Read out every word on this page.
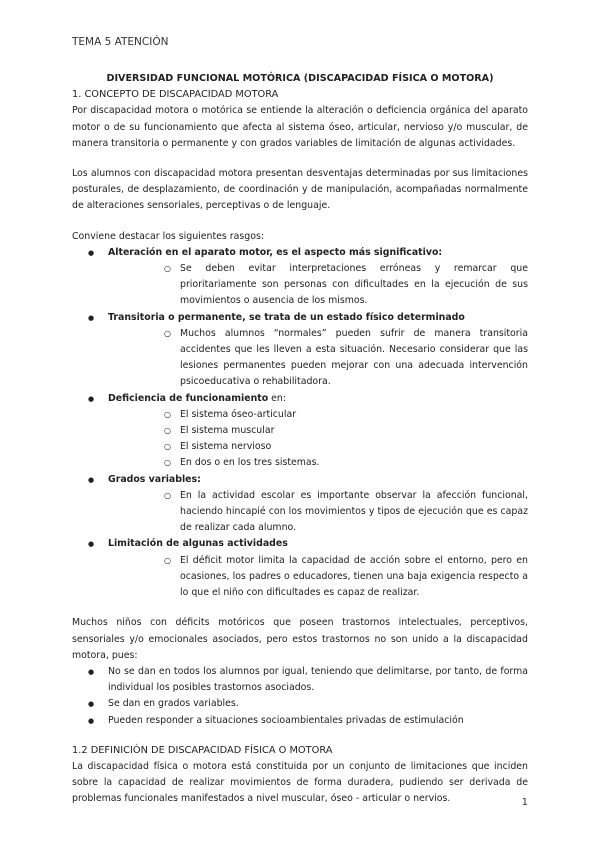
TEMA 5 ATENCIÓN

DIVERSIDAD FUNCIONAL MOTÓRICA (DISCAPACIDAD FÍSICA O MOTORA)

1. CONCEPTO DE DISCAPACIDAD MOTORA

Por discapacidad motora o motórica se entiende la alteración o deficiencia orgánica del aparato motor o de su funcionamiento que afecta al sistema óseo, articular, nervioso y/o muscular, de manera transitoria o permanente y con grados variables de limitación de algunas actividades.

Los alumnos con discapacidad motora presentan desventajas determinadas por sus limitaciones posturales, de desplazamiento, de coordinación y de manipulación, acompañadas normalmente de alteraciones sensoriales, perceptivas o de lenguaje.

Conviene destacar los siguientes rasgos:

● Alteración en el aparato motor, es el aspecto más significativo:
○ Se deben evitar interpretaciones erróneas y remarcar que prioritariamente son personas con dificultades en la ejecución de sus movimientos o ausencia de los mismos.
● Transitoria o permanente, se trata de un estado físico determinado
○ Muchos alumnos “normales” pueden sufrir de manera transitoria accidentes que les lleven a esta situación. Necesario considerar que las lesiones permanentes pueden mejorar con una adecuada intervención psicoeducativa o rehabilitadora.
● Deficiencia de funcionamiento en:
○ El sistema óseo-articular
○ El sistema muscular
○ El sistema nervioso
○ En dos o en los tres sistemas.
● Grados variables:
○ En la actividad escolar es importante observar la afección funcional, haciendo hincapié con los movimientos y tipos de ejecución que es capaz de realizar cada alumno.
● Limitación de algunas actividades
○ El déficit motor limita la capacidad de acción sobre el entorno, pero en ocasiones, los padres o educadores, tienen una baja exigencia respecto a lo que el niño con dificultades es capaz de realizar.

Muchos niños con déficits motóricos que poseen trastornos intelectuales, perceptivos, sensoriales y/o emocionales asociados, pero estos trastornos no son unido a la discapacidad motora, pues:

● No se dan en todos los alumnos por igual, teniendo que delimitarse, por tanto, de forma individual los posibles trastornos asociados.
● Se dan en grados variables.
● Pueden responder a situaciones socioambientales privadas de estimulación

1.2 DEFINICIÓN DE DISCAPACIDAD FÍSICA O MOTORA

La discapacidad física o motora está constituida por un conjunto de limitaciones que inciden sobre la capacidad de realizar movimientos de forma duradera, pudiendo ser derivada de problemas funcionales manifestados a nivel muscular, óseo - articular o nervios.	1
